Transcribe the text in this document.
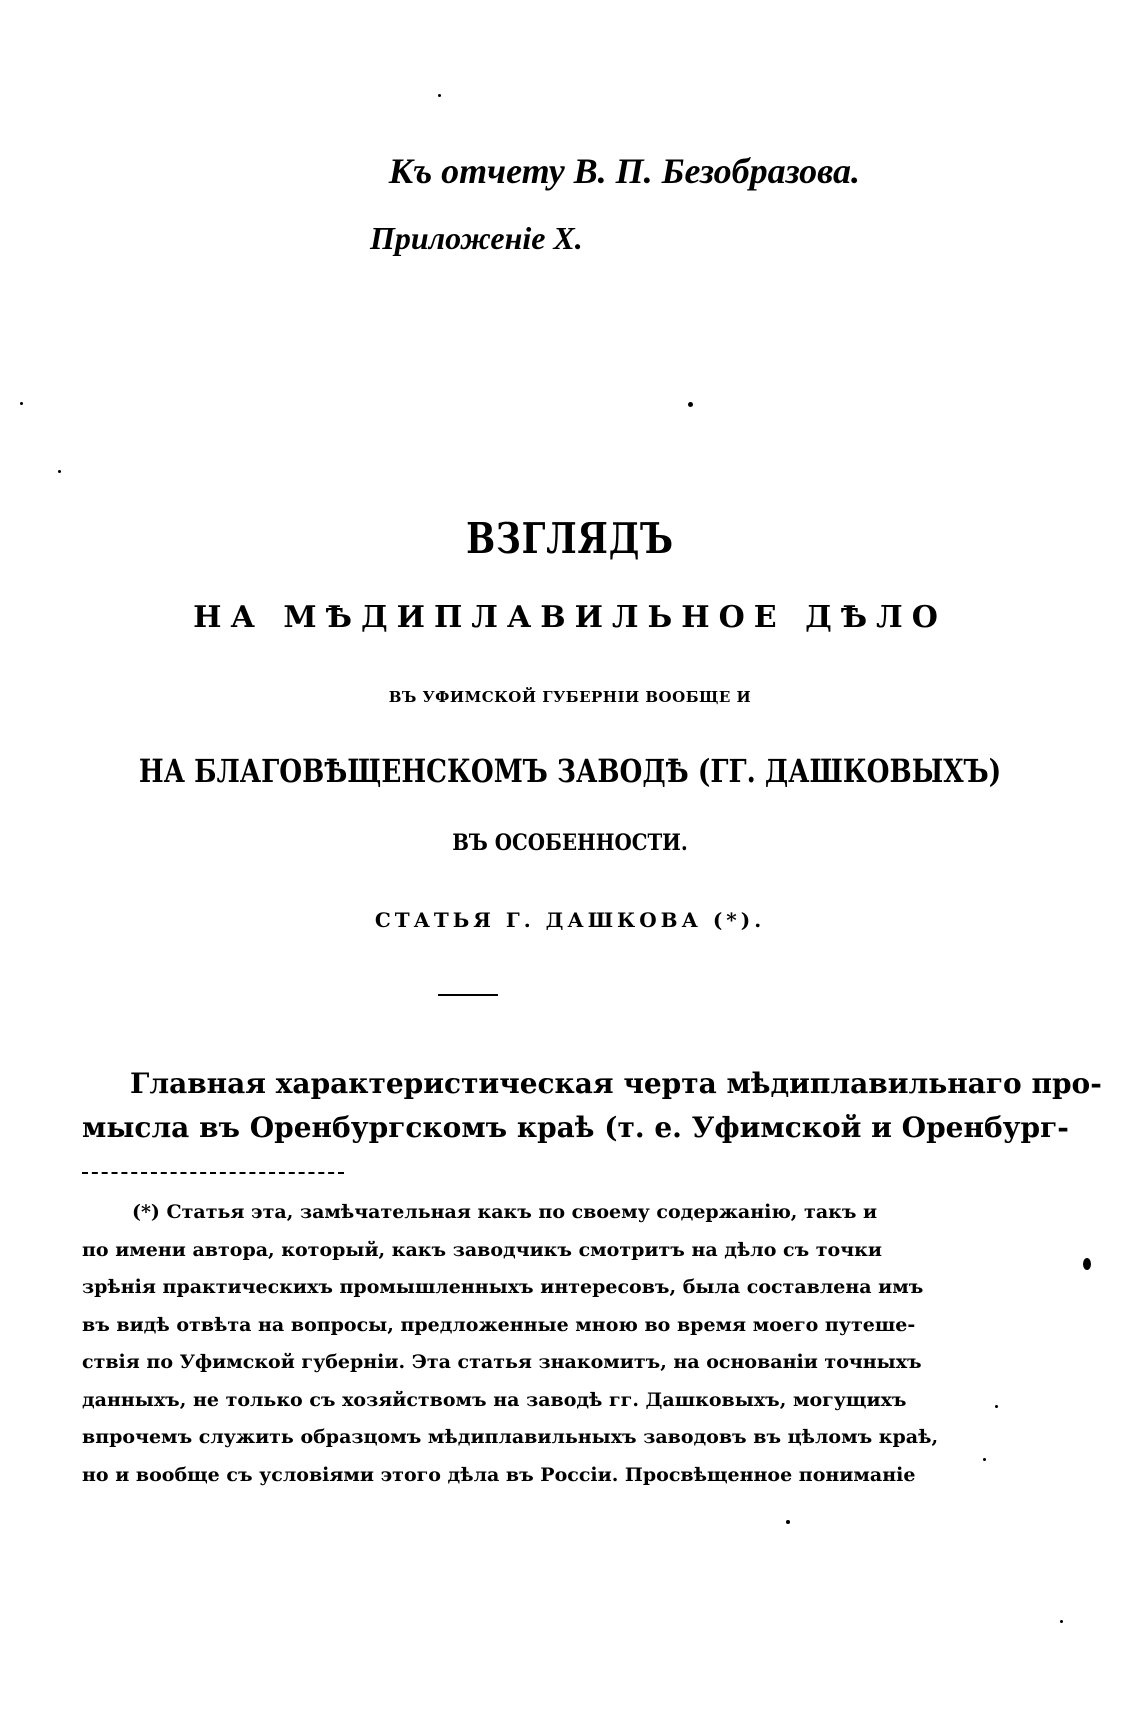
Къ отчету В. П. Безобразова.
Приложеніе X.
ВЗГЛЯДЪ
НА МѢДИПЛАВИЛЬНОЕ ДѢЛО
ВЪ УФИМСКОЙ ГУБЕРНІИ ВООБЩЕ И
НА БЛАГОВѢЩЕНСКОМЪ ЗАВОДѢ (ГГ. ДАШКОВЫХЪ)
ВЪ ОСОБЕННОСТИ.
СТАТЬЯ Г. ДАШКОВА (*).
Главная характеристическая черта мѣдиплавильнаго про-
мысла въ Оренбургскомъ краѣ (т. е. Уфимской и Оренбург-
(*) Статья эта, замѣчательная какъ по своему содержанію, такъ и
по имени автора, который, какъ заводчикъ смотритъ на дѣло съ точки
зрѣнія практическихъ промышленныхъ интересовъ, была составлена имъ
въ видѣ отвѣта на вопросы, предложенные мною во время моего путеше-
ствія по Уфимской губерніи. Эта статья знакомитъ, на основаніи точныхъ
данныхъ, не только съ хозяйствомъ на заводѣ гг. Дашковыхъ, могущихъ
впрочемъ служить образцомъ мѣдиплавильныхъ заводовъ въ цѣломъ краѣ,
но и вообще съ условіями этого дѣла въ Россіи. Просвѣщенное пониманіе
